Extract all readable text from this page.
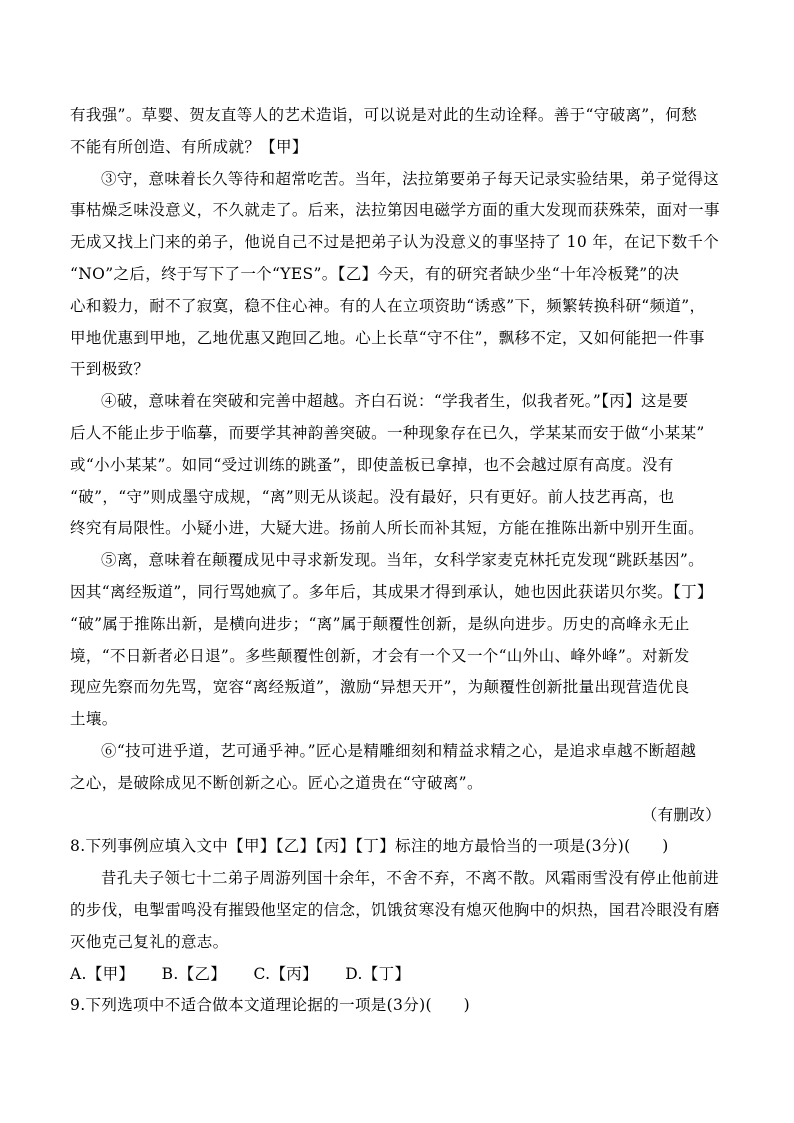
有我强”。草婴、贺友直等人的艺术造诣，可以说是对此的生动诠释。善于“守破离”，何愁
不能有所创造、有所成就？【甲】
③守，意味着长久等待和超常吃苦。当年，法拉第要弟子每天记录实验结果，弟子觉得这
事枯燥乏味没意义，不久就走了。后来，法拉第因电磁学方面的重大发现而获殊荣，面对一事
无成又找上门来的弟子，他说自己不过是把弟子认为没意义的事坚持了 10 年，在记下数千个
“NO”之后，终于写下了一个“YES”。【乙】今天，有的研究者缺少坐“十年冷板凳”的决
心和毅力，耐不了寂寞，稳不住心神。有的人在立项资助“诱惑”下，频繁转换科研“频道”，
甲地优惠到甲地，乙地优惠又跑回乙地。心上长草“守不住”，飘移不定，又如何能把一件事
干到极致？
④破，意味着在突破和完善中超越。齐白石说：“学我者生，似我者死。”【丙】这是要
后人不能止步于临摹，而要学其神韵善突破。一种现象存在已久，学某某而安于做“小某某”
或“小小某某”。如同“受过训练的跳蚤”，即使盖板已拿掉，也不会越过原有高度。没有
“破”，“守”则成墨守成规，“离”则无从谈起。没有最好，只有更好。前人技艺再高，也
终究有局限性。小疑小进，大疑大进。扬前人所长而补其短，方能在推陈出新中别开生面。
⑤离，意味着在颠覆成见中寻求新发现。当年，女科学家麦克林托克发现“跳跃基因”。
因其“离经叛道”，同行骂她疯了。多年后，其成果才得到承认，她也因此获诺贝尔奖。【丁】
“破”属于推陈出新，是横向进步；“离”属于颠覆性创新，是纵向进步。历史的高峰永无止
境，“不日新者必日退”。多些颠覆性创新，才会有一个又一个“山外山、峰外峰”。对新发
现应先察而勿先骂，宽容“离经叛道”，激励“异想天开”，为颠覆性创新批量出现营造优良
土壤。
⑥“技可进乎道，艺可通乎神。”匠心是精雕细刻和精益求精之心，是追求卓越不断超越
之心，是破除成见不断创新之心。匠心之道贵在“守破离”。
（有删改）
8.下列事例应填入文中【甲】【乙】【丙】【丁】标注的地方最恰当的一项是(3分)(　　)
昔孔夫子领七十二弟子周游列国十余年，不舍不弃，不离不散。风霜雨雪没有停止他前进
的步伐，电掣雷鸣没有摧毁他坚定的信念，饥饿贫寒没有熄灭他胸中的炽热，国君冷眼没有磨
灭他克己复礼的意志。
A.【甲】 B.【乙】 C.【丙】 D.【丁】
9.下列选项中不适合做本文道理论据的一项是(3分)(　　)
